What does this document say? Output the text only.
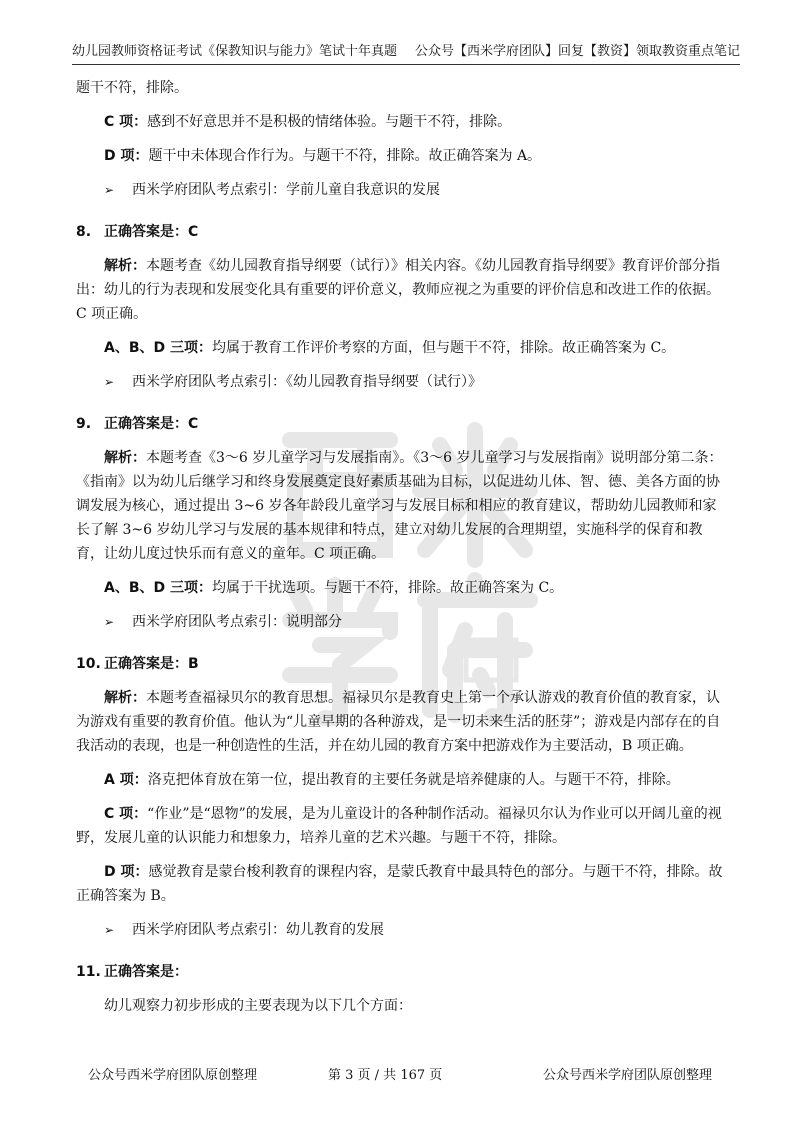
幼儿园教师资格证考试《保教知识与能力》笔试十年真题 公众号【西米学府团队】回复【教资】领取教资重点笔记

题干不符，排除。

C 项：感到不好意思并不是积极的情绪体验。与题干不符，排除。

D 项：题干中未体现合作行为。与题干不符，排除。故正确答案为 A。

➢ 西米学府团队考点索引：学前儿童自我意识的发展

8. 正确答案是：C

解析：本题考查《幼儿园教育指导纲要（试行）》相关内容。《幼儿园教育指导纲要》教育评价部分指出：幼儿的行为表现和发展变化具有重要的评价意义，教师应视之为重要的评价信息和改进工作的依据。C 项正确。

A、B、D 三项：均属于教育工作评价考察的方面，但与题干不符，排除。故正确答案为 C。

➢ 西米学府团队考点索引：《幼儿园教育指导纲要（试行）》

9. 正确答案是：C

解析：本题考查《3～6 岁儿童学习与发展指南》。《3～6 岁儿童学习与发展指南》说明部分第二条：《指南》以为幼儿后继学习和终身发展奠定良好素质基础为目标，以促进幼儿体、智、德、美各方面的协调发展为核心，通过提出 3~6 岁各年龄段儿童学习与发展目标和相应的教育建议，帮助幼儿园教师和家长了解 3~6 岁幼儿学习与发展的基本规律和特点，建立对幼儿发展的合理期望，实施科学的保育和教育，让幼儿度过快乐而有意义的童年。C 项正确。

A、B、D 三项：均属于干扰选项。与题干不符，排除。故正确答案为 C。

➢ 西米学府团队考点索引：说明部分

10. 正确答案是：B

解析：本题考查福禄贝尔的教育思想。福禄贝尔是教育史上第一个承认游戏的教育价值的教育家，认为游戏有重要的教育价值。他认为“儿童早期的各种游戏，是一切未来生活的胚芽”；游戏是内部存在的自我活动的表现，也是一种创造性的生活，并在幼儿园的教育方案中把游戏作为主要活动，B 项正确。

A 项：洛克把体育放在第一位，提出教育的主要任务就是培养健康的人。与题干不符，排除。

C 项：“作业”是“恩物”的发展，是为儿童设计的各种制作活动。福禄贝尔认为作业可以开阔儿童的视野，发展儿童的认识能力和想象力，培养儿童的艺术兴趣。与题干不符，排除。

D 项：感觉教育是蒙台梭利教育的课程内容，是蒙氏教育中最具特色的部分。与题干不符，排除。故正确答案为 B。

➢ 西米学府团队考点索引：幼儿教育的发展

11. 正确答案是：

幼儿观察力初步形成的主要表现为以下几个方面：

公众号西米学府团队原创整理	第 3 页 / 共 167 页	公众号西米学府团队原创整理
